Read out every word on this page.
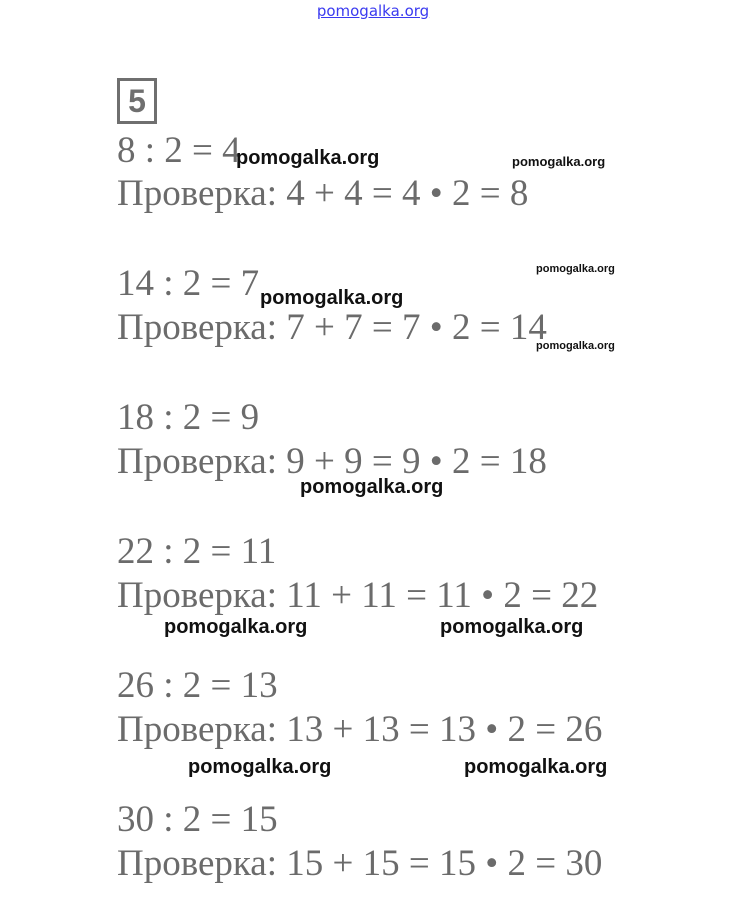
pomogalka.org
5
8 : 2 = 4
Проверка: 4 + 4 = 4 • 2 = 8
14 : 2 = 7
Проверка: 7 + 7 = 7 • 2 = 14
18 : 2 = 9
Проверка: 9 + 9 = 9 • 2 = 18
22 : 2 = 11
Проверка: 11 + 11 = 11 • 2 = 22
26 : 2 = 13
Проверка: 13 + 13 = 13 • 2 = 26
30 : 2 = 15
Проверка: 15 + 15 = 15 • 2 = 30
pomogalka.org	pomogalka.org
pomogalka.org
pomogalka.org
pomogalka.org
pomogalka.org
pomogalka.org	pomogalka.org
pomogalka.org	pomogalka.org
